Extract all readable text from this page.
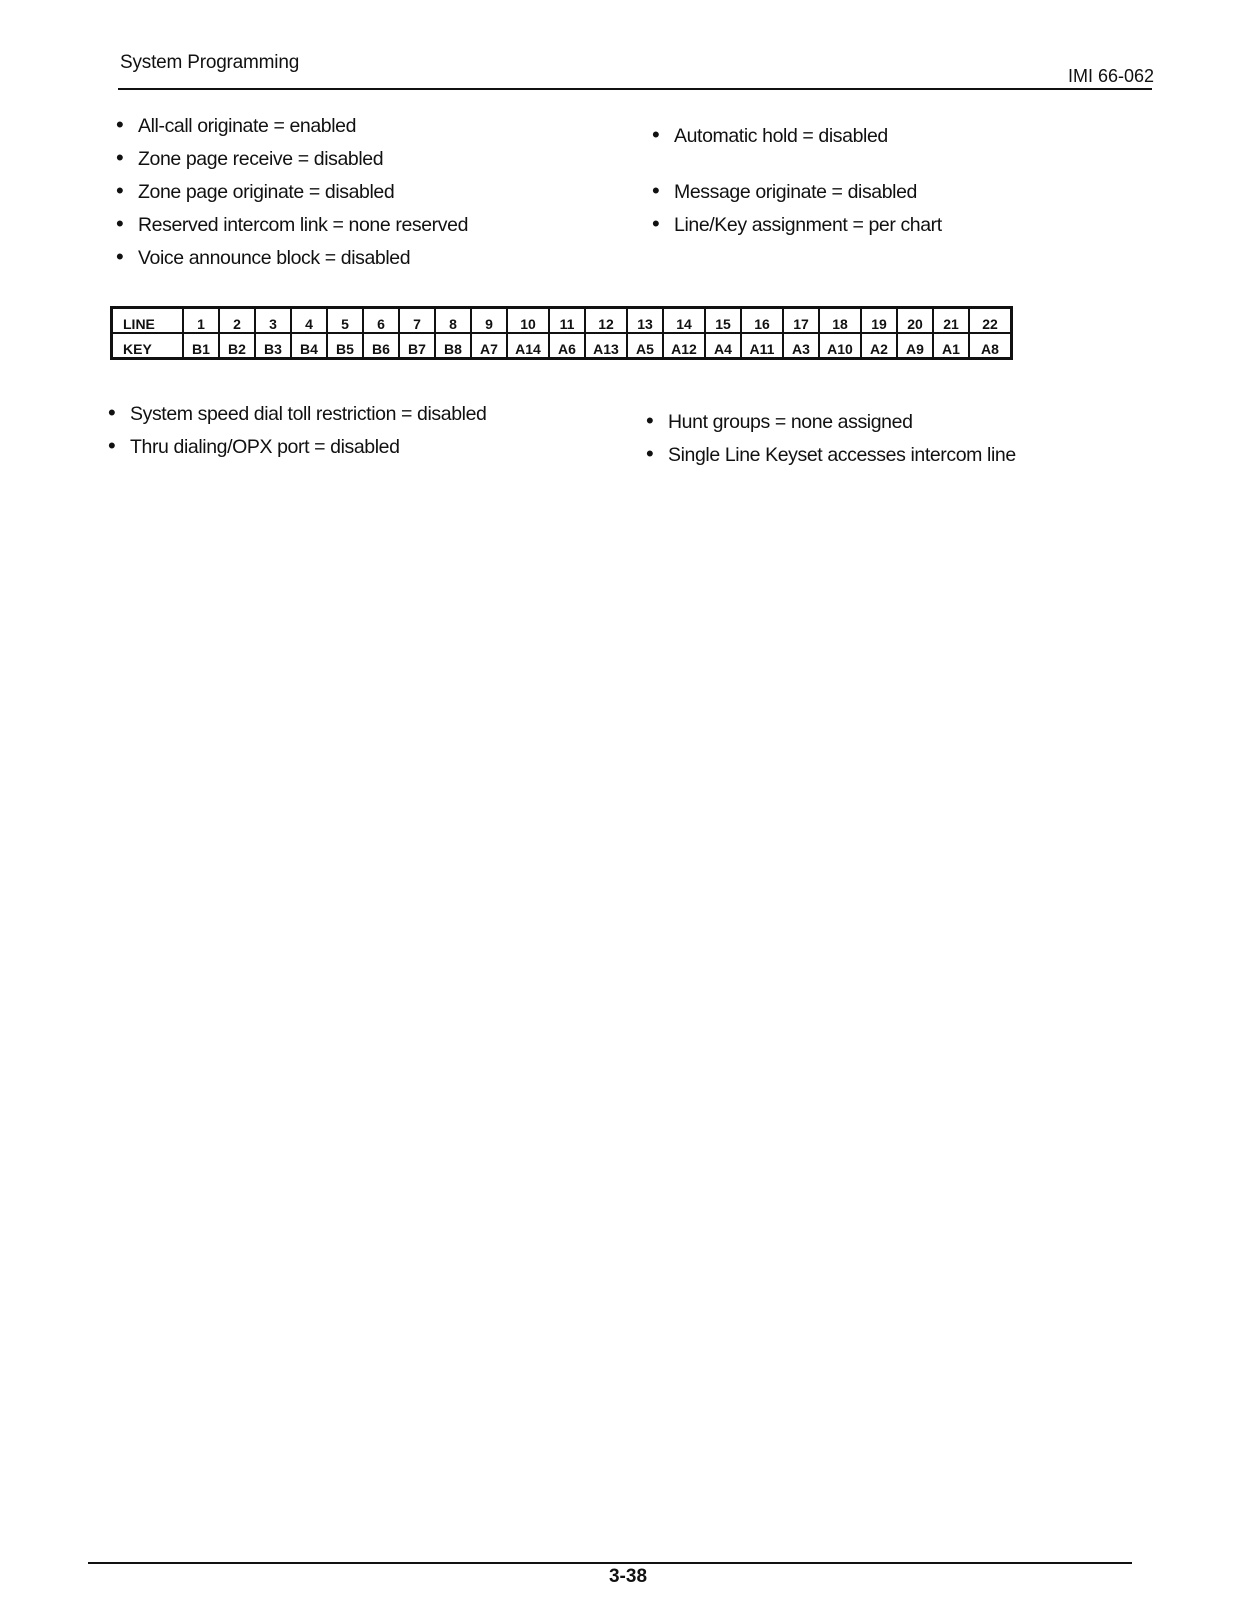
System Programming
IMI 66-062
• All-call originate = enabled
• Zone page receive = disabled
• Zone page originate = disabled
• Reserved intercom link = none reserved
• Voice announce block = disabled
• Automatic hold = disabled
• Message originate = disabled
• Line/Key assignment = per chart
LINE	1	2	3	4	5	6	7	8	9	10	11	12	13	14	15	16	17	18	19	20	21	22
KEY	B1	B2	B3	B4	B5	B6	B7	B8	A7	A14	A6	A13	A5	A12	A4	A11	A3	A10	A2	A9	A1	A8
• System speed dial toll restriction = disabled
• Thru dialing/OPX port = disabled
• Hunt groups = none assigned
• Single Line Keyset accesses intercom line
3-38
